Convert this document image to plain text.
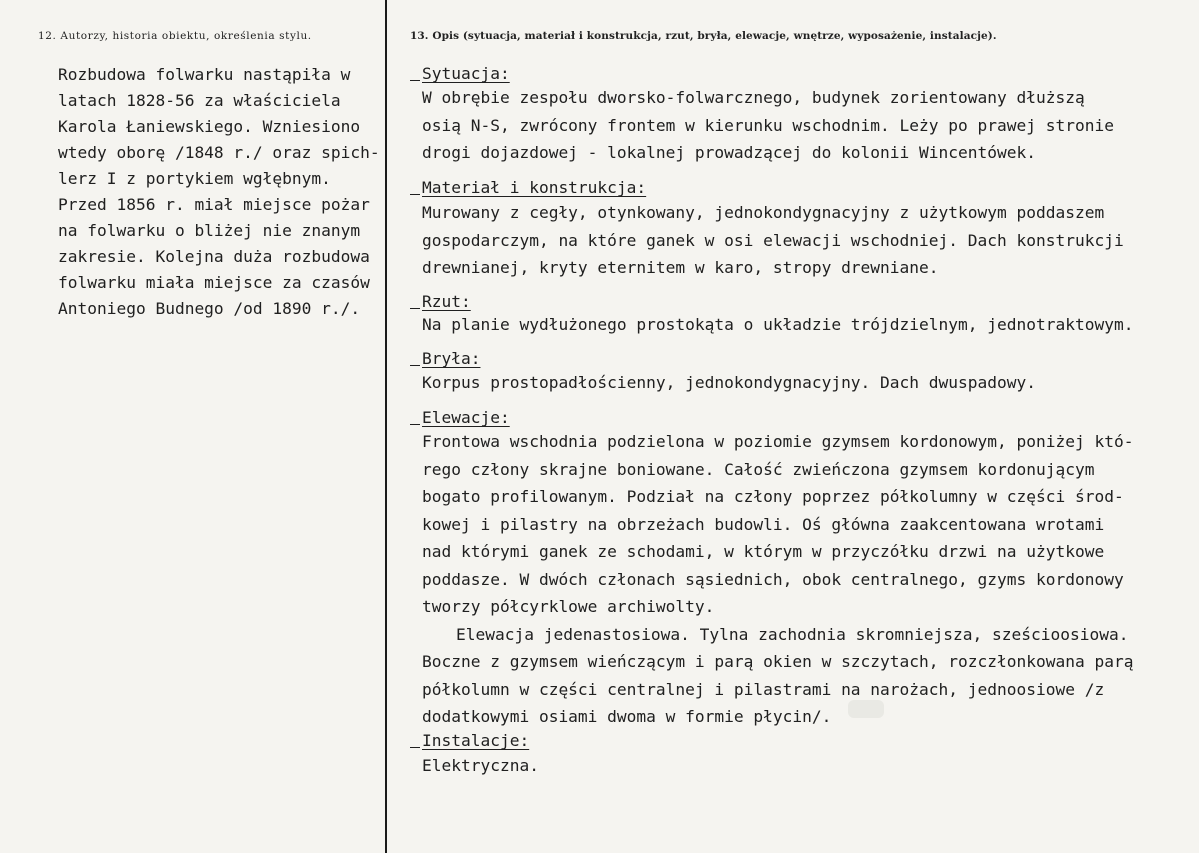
12. Autorzy, historia obiektu, określenia stylu.	13. Opis (sytuacja, materiał i konstrukcja, rzut, bryła, elewacje, wnętrze, wyposażenie, instalacje).
Rozbudowa folwarku nastąpiła w
latach 1828-56 za właściciela
Karola Łaniewskiego. Wzniesiono
wtedy oborę /1848 r./ oraz spich-
lerz I z portykiem wgłębnym.
Przed 1856 r. miał miejsce pożar
na folwarku o bliżej nie znanym
zakresie. Kolejna duża rozbudowa
folwarku miała miejsce za czasów
Antoniego Budnego /od 1890 r./.
Sytuacja:
W obrębie zespołu dworsko-folwarcznego, budynek zorientowany dłuższą
osią N-S, zwrócony frontem w kierunku wschodnim. Leży po prawej stronie
drogi dojazdowej - lokalnej prowadzącej do kolonii Wincentówek.
Materiał i konstrukcja:
Murowany z cegły, otynkowany, jednokondygnacyjny z użytkowym poddaszem
gospodarczym, na które ganek w osi elewacji wschodniej. Dach konstrukcji
drewnianej, kryty eternitem w karo, stropy drewniane.
Rzut:
Na planie wydłużonego prostokąta o układzie trójdzielnym, jednotraktowym.
Bryła:
Korpus prostopadłościenny, jednokondygnacyjny. Dach dwuspadowy.
Elewacje:
Frontowa wschodnia podzielona w poziomie gzymsem kordonowym, poniżej któ-
rego człony skrajne boniowane. Całość zwieńczona gzymsem kordonującym
bogato profilowanym. Podział na człony poprzez półkolumny w części środ-
kowej i pilastry na obrzeżach budowli. Oś główna zaakcentowana wrotami
nad którymi ganek ze schodami, w którym w przyczółku drzwi na użytkowe
poddasze. W dwóch członach sąsiednich, obok centralnego, gzyms kordonowy
tworzy półcyrklowe archiwolty.
Elewacja jedenastosiowa. Tylna zachodnia skromniejsza, sześcioosiowa.
Boczne z gzymsem wieńczącym i parą okien w szczytach, rozczłonkowana parą
półkolumn w części centralnej i pilastrami na narożach, jednoosiowe /z
dodatkowymi osiami dwoma w formie płycin/.
Instalacje:
Elektryczna.
